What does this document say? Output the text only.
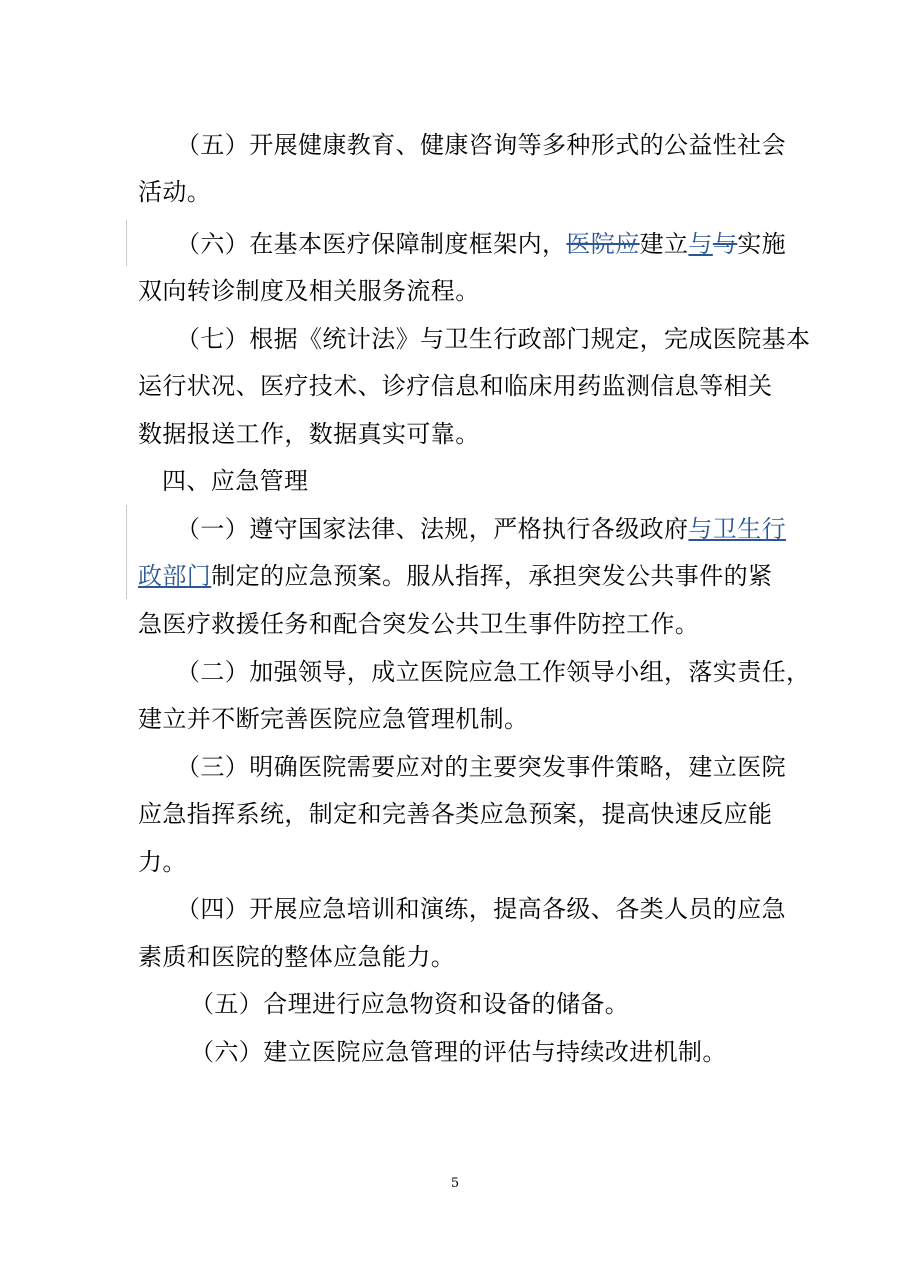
（五）开展健康教育、健康咨询等多种形式的公益性社会
活动。
（六）在基本医疗保障制度框架内，医院应建立与与实施
双向转诊制度及相关服务流程。
（七）根据《统计法》与卫生行政部门规定，完成医院基本
运行状况、医疗技术、诊疗信息和临床用药监测信息等相关
数据报送工作，数据真实可靠。
四、应急管理
（一）遵守国家法律、法规，严格执行各级政府与卫生行
政部门制定的应急预案。服从指挥，承担突发公共事件的紧
急医疗救援任务和配合突发公共卫生事件防控工作。
（二）加强领导，成立医院应急工作领导小组，落实责任，
建立并不断完善医院应急管理机制。
（三）明确医院需要应对的主要突发事件策略，建立医院
应急指挥系统，制定和完善各类应急预案，提高快速反应能
力。
（四）开展应急培训和演练，提高各级、各类人员的应急
素质和医院的整体应急能力。
（五）合理进行应急物资和设备的储备。
（六）建立医院应急管理的评估与持续改进机制。
5
